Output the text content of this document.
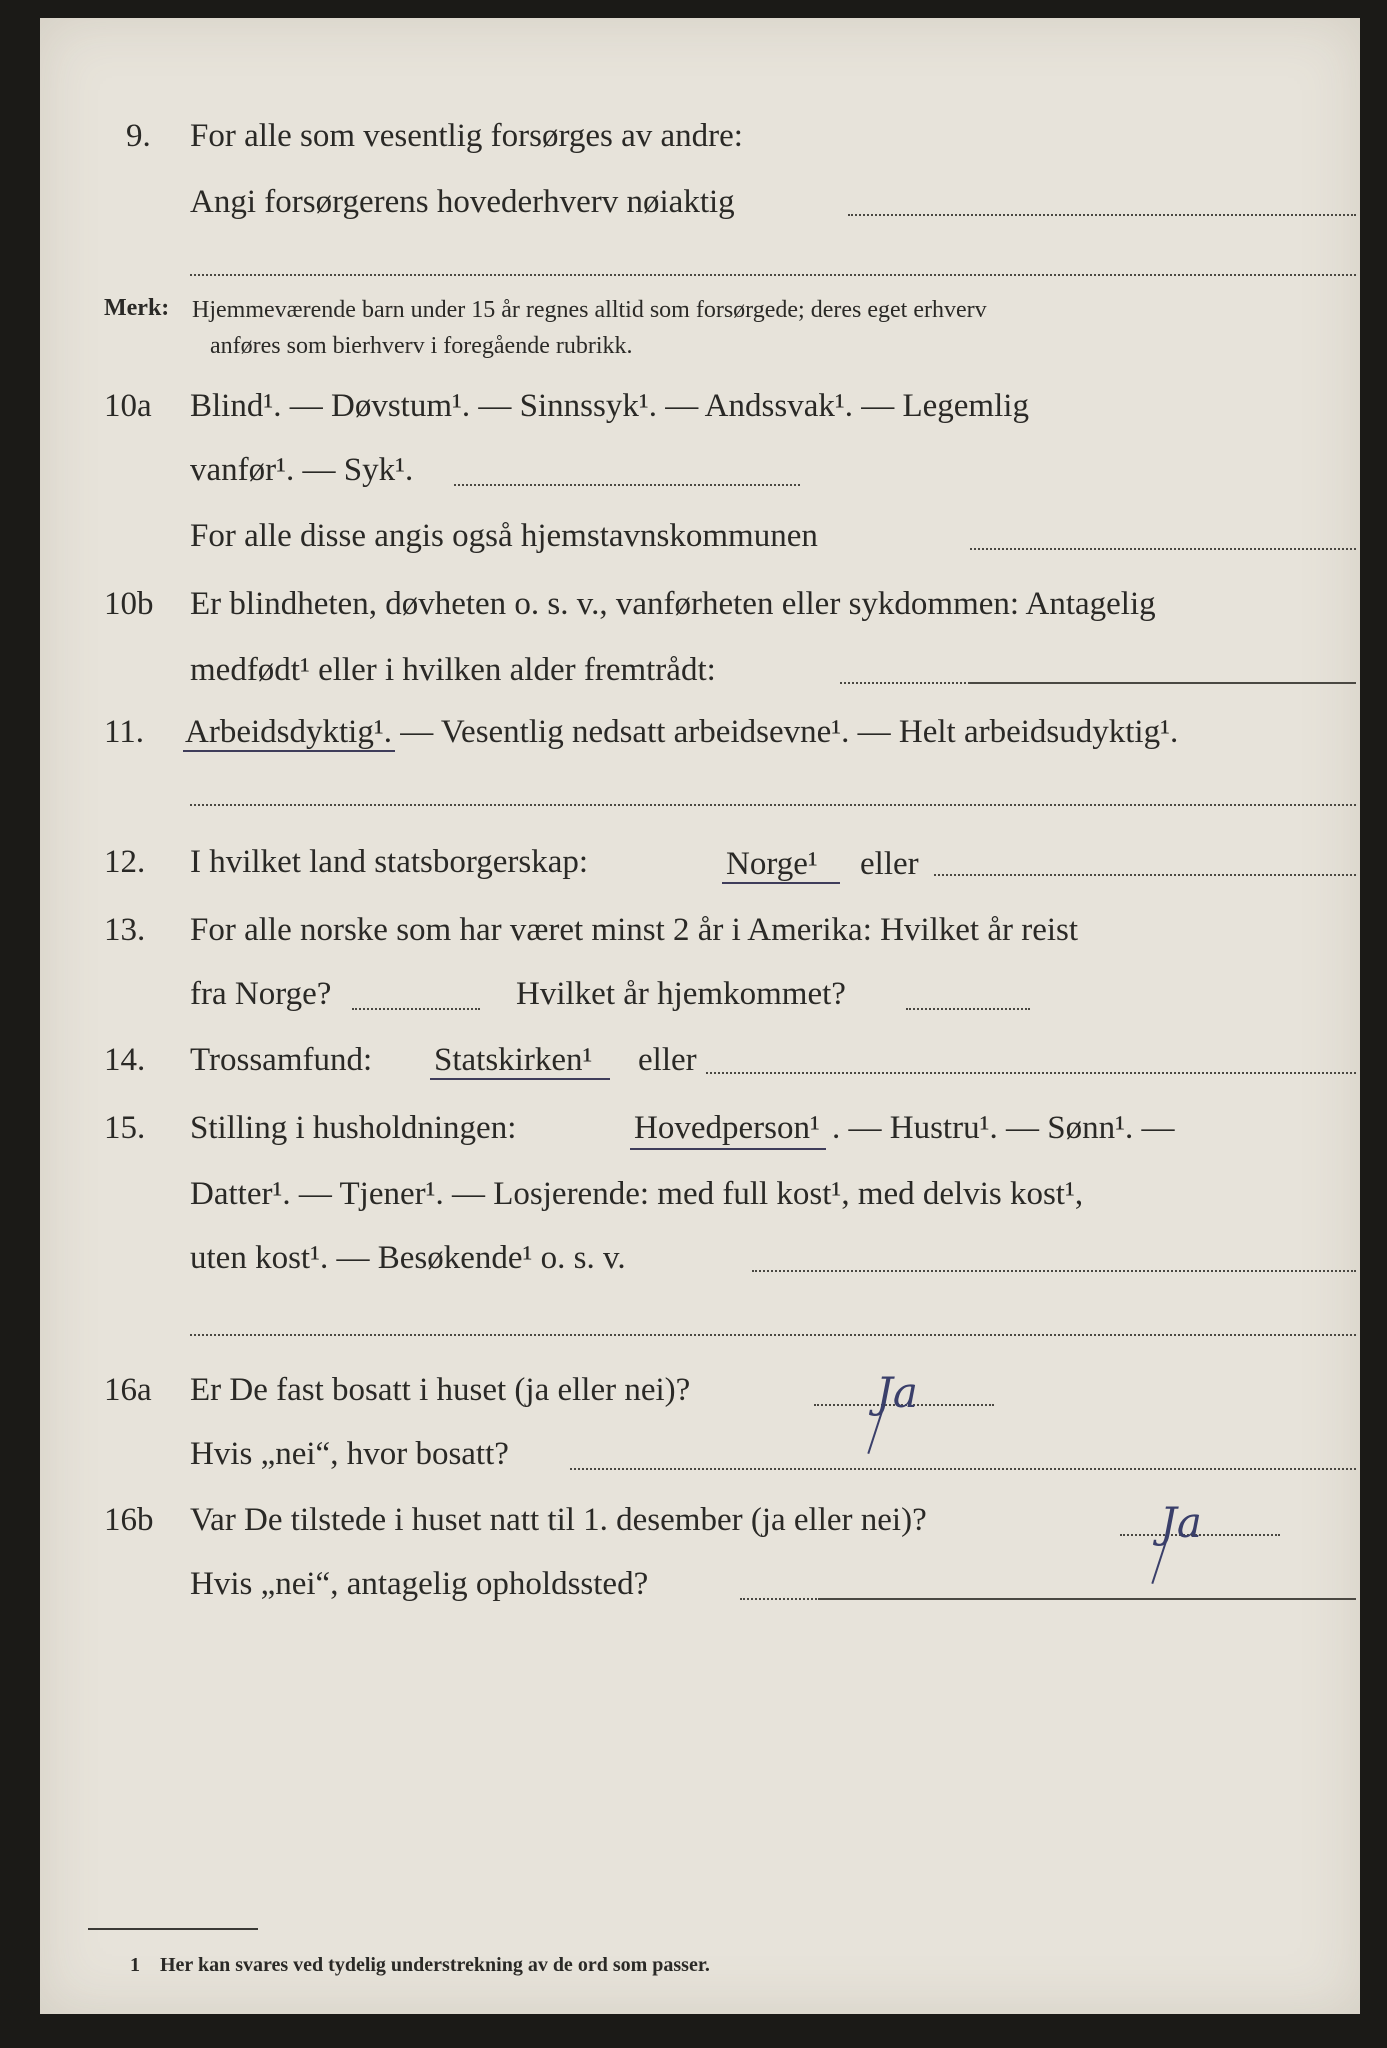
9. For alle som vesentlig forsørges av andre:
Angi forsørgerens hovederhverv nøiaktig
Merk: Hjemmeværende barn under 15 år regnes alltid som forsørgede; deres eget erhverv
anføres som bierhverv i foregående rubrikk.
10a Blind¹. — Døvstum¹. — Sinnssyk¹. — Andssvak¹. — Legemlig
vanfør¹. — Syk¹.
For alle disse angis også hjemstavnskommunen
10b Er blindheten, døvheten o. s. v., vanførheten eller sykdommen: Antagelig
medfødt¹ eller i hvilken alder fremtrådt:
11. Arbeidsdyktig¹. — Vesentlig nedsatt arbeidsevne¹. — Helt arbeidsudyktig¹.
12. I hvilket land statsborgerskap:	Norge¹ eller
13. For alle norske som har været minst 2 år i Amerika: Hvilket år reist
fra Norge?	Hvilket år hjemkommet?
14. Trossamfund: Statskirken¹ eller
15. Stilling i husholdningen:	Hovedperson¹ . — Hustru¹. — Sønn¹. —
Datter¹. — Tjener¹. — Losjerende: med full kost¹, med delvis kost¹,
uten kost¹. — Besøkende¹ o. s. v.
16a Er De fast bosatt i huset (ja eller nei)?	Ja
Hvis „nei“, hvor bosatt?
16b Var De tilstede i huset natt til 1. desember (ja eller nei)?	Ja
Hvis „nei“, antagelig opholdssted?
1 Her kan svares ved tydelig understrekning av de ord som passer.
